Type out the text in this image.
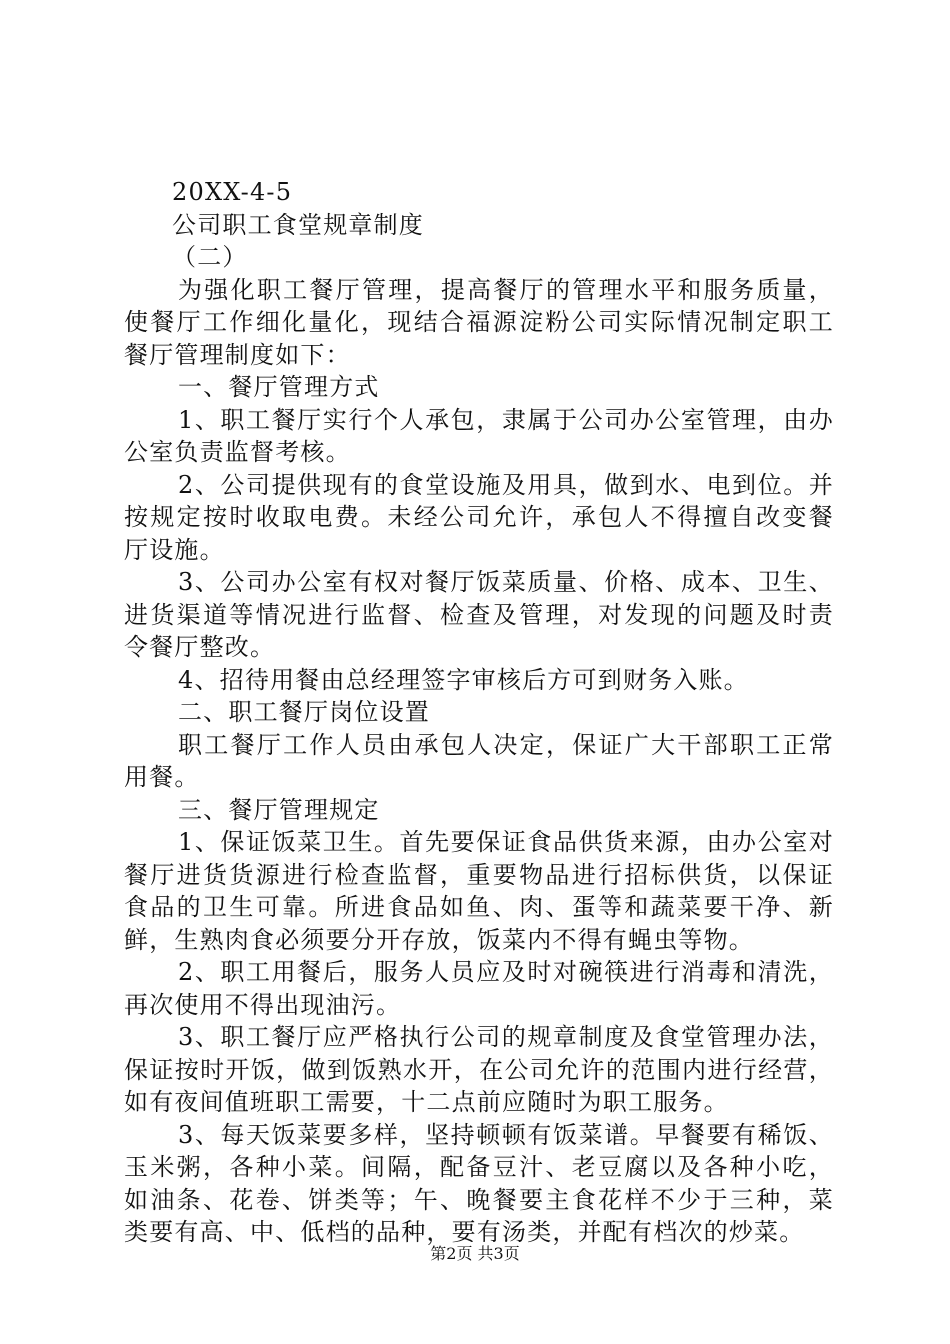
20XX-4-5
公司职工食堂规章制度
（二）
为强化职工餐厅管理，提高餐厅的管理水平和服务质量，
使餐厅工作细化量化，现结合福源淀粉公司实际情况制定职工
餐厅管理制度如下：
一、餐厅管理方式
1、职工餐厅实行个人承包，隶属于公司办公室管理，由办
公室负责监督考核。
2、公司提供现有的食堂设施及用具，做到水、电到位。并
按规定按时收取电费。未经公司允许，承包人不得擅自改变餐
厅设施。
3、公司办公室有权对餐厅饭菜质量、价格、成本、卫生、
进货渠道等情况进行监督、检查及管理，对发现的问题及时责
令餐厅整改。
4、招待用餐由总经理签字审核后方可到财务入账。
二、职工餐厅岗位设置
职工餐厅工作人员由承包人决定，保证广大干部职工正常
用餐。
三、餐厅管理规定
1、保证饭菜卫生。首先要保证食品供货来源，由办公室对
餐厅进货货源进行检查监督，重要物品进行招标供货，以保证
食品的卫生可靠。所进食品如鱼、肉、蛋等和蔬菜要干净、新
鲜，生熟肉食必须要分开存放，饭菜内不得有蝇虫等物。
2、职工用餐后，服务人员应及时对碗筷进行消毒和清洗，
再次使用不得出现油污。
3、职工餐厅应严格执行公司的规章制度及食堂管理办法，
保证按时开饭，做到饭熟水开，在公司允许的范围内进行经营，
如有夜间值班职工需要，十二点前应随时为职工服务。
3、每天饭菜要多样，坚持顿顿有饭菜谱。早餐要有稀饭、
玉米粥，各种小菜。间隔，配备豆汁、老豆腐以及各种小吃，
如油条、花卷、饼类等；午、晚餐要主食花样不少于三种，菜
类要有高、中、低档的品种，要有汤类，并配有档次的炒菜。
第2页 共3页
